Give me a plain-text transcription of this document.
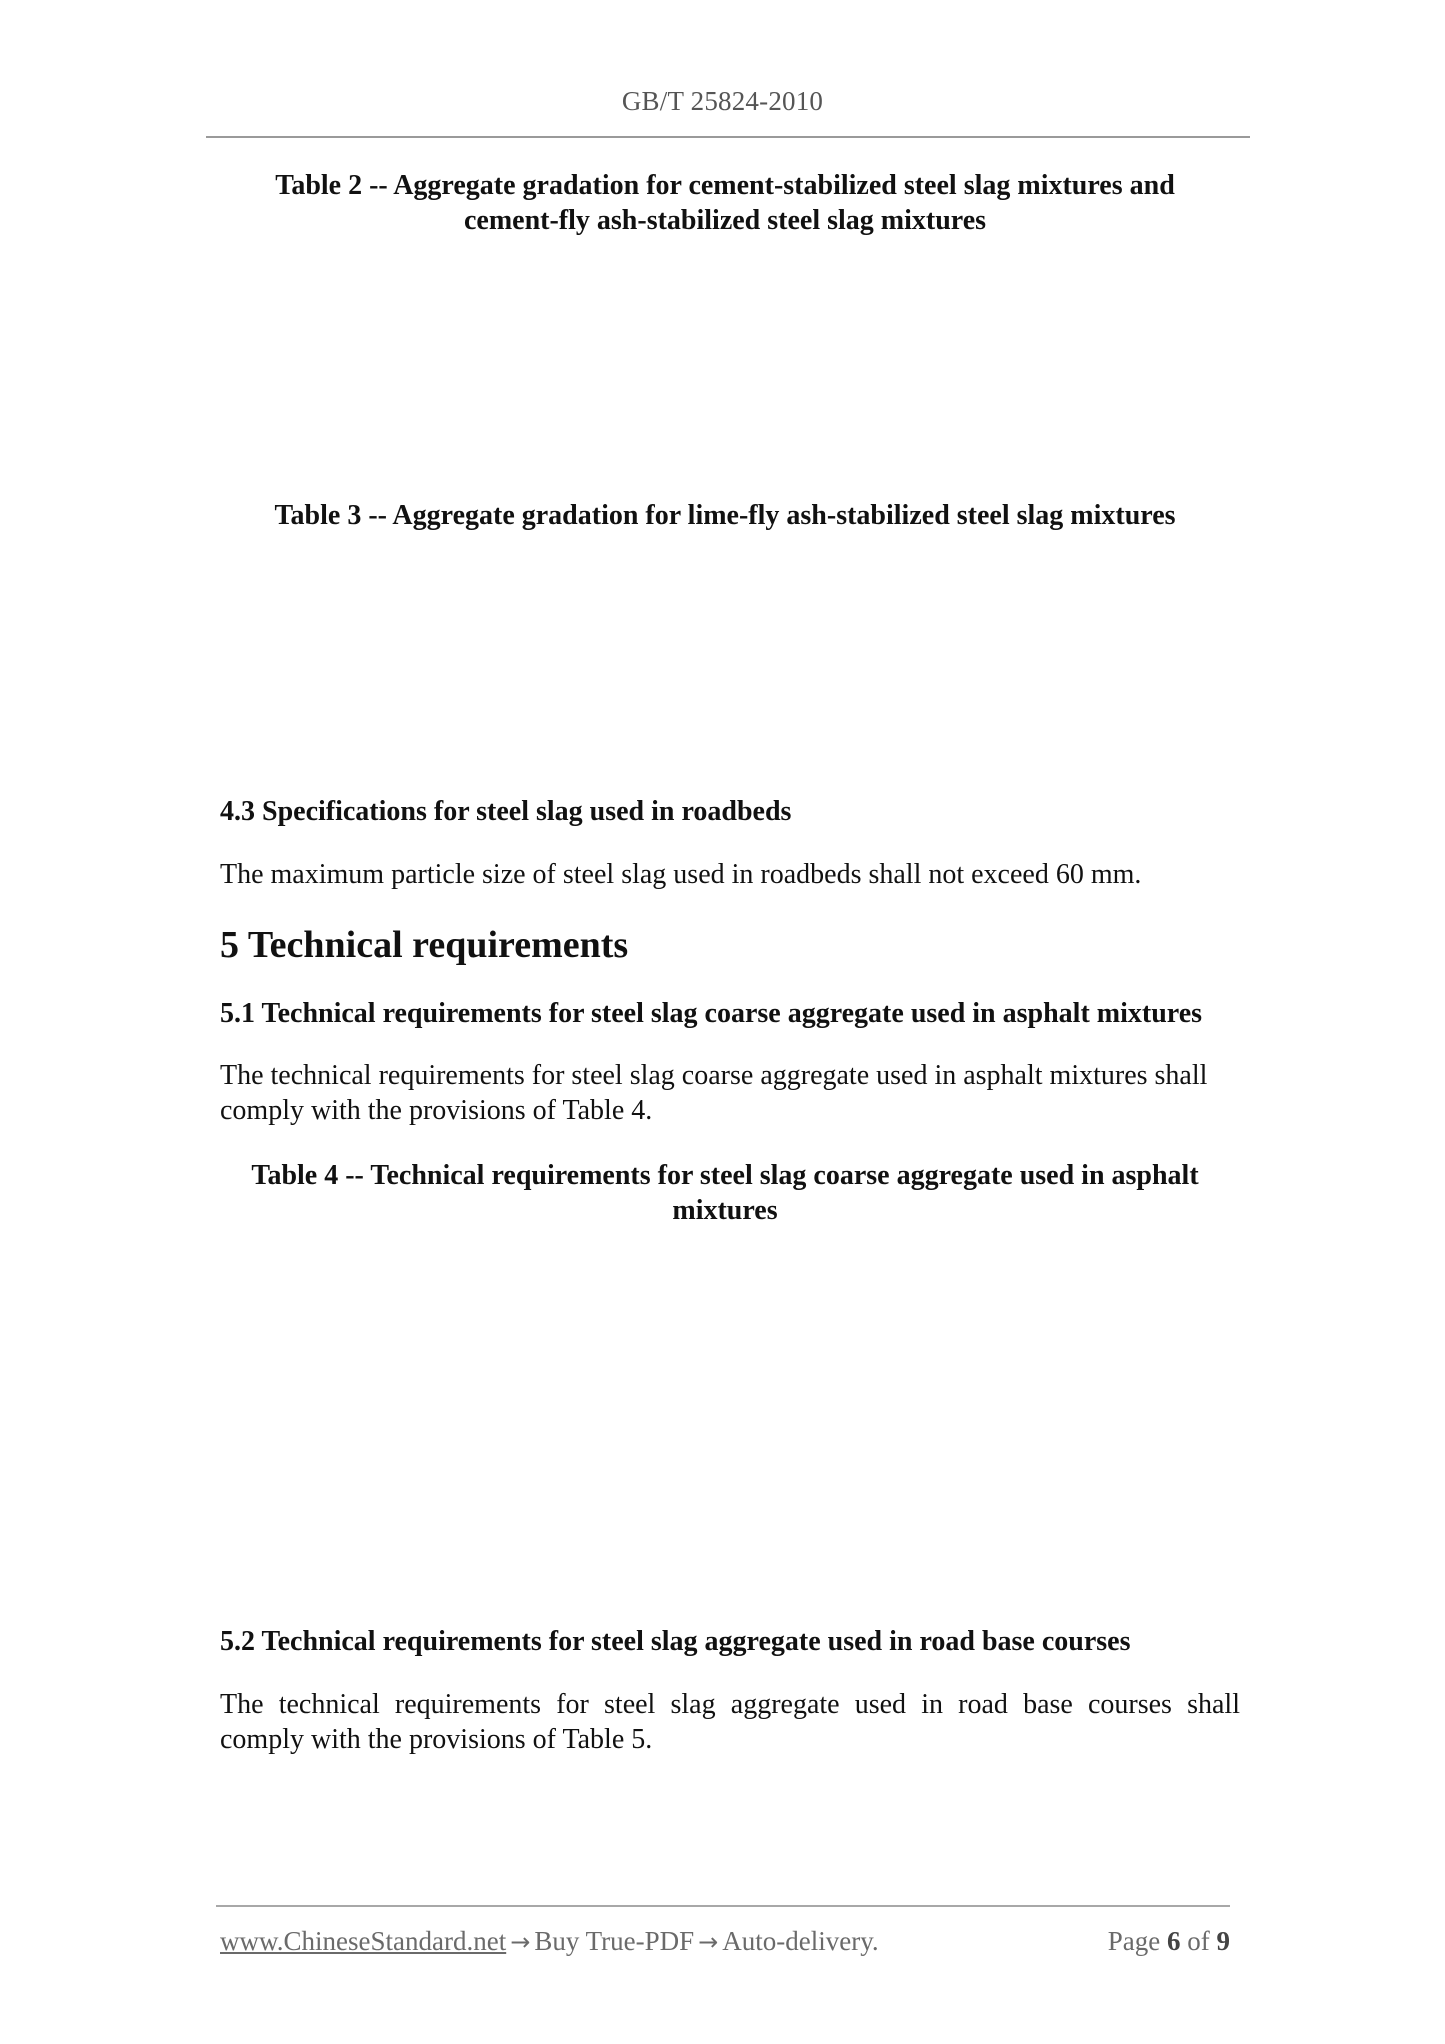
GB/T 25824-2010
Table 2 -- Aggregate gradation for cement-stabilized steel slag mixtures and
cement-fly ash-stabilized steel slag mixtures
Table 3 -- Aggregate gradation for lime-fly ash-stabilized steel slag mixtures
4.3 Specifications for steel slag used in roadbeds
The maximum particle size of steel slag used in roadbeds shall not exceed 60 mm.
5 Technical requirements
5.1 Technical requirements for steel slag coarse aggregate used in asphalt mixtures
The technical requirements for steel slag coarse aggregate used in asphalt mixtures shall
comply with the provisions of Table 4.
Table 4 -- Technical requirements for steel slag coarse aggregate used in asphalt
mixtures
5.2 Technical requirements for steel slag aggregate used in road base courses
The technical requirements for steel slag aggregate used in road base courses shall
comply with the provisions of Table 5.
www.ChineseStandard.net → Buy True-PDF → Auto-delivery.	Page 6 of 9
